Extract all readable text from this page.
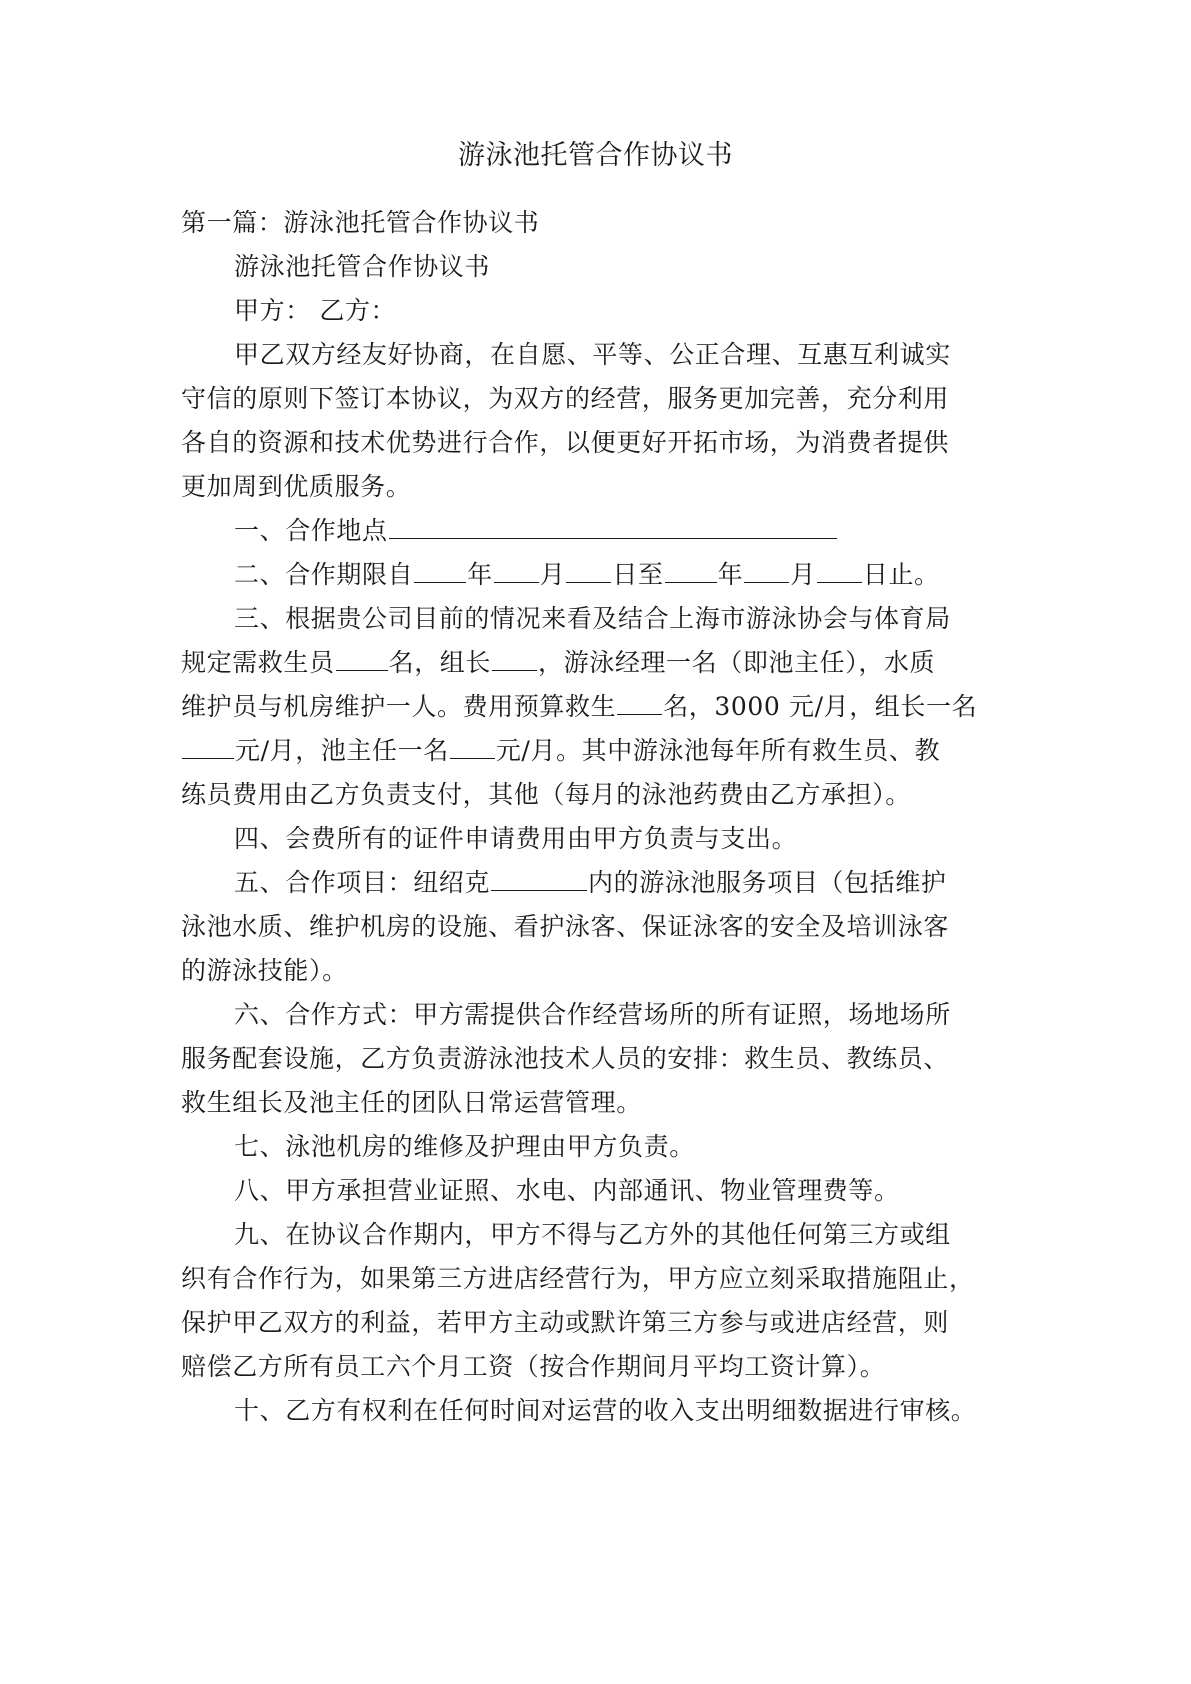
游泳池托管合作协议书
第一篇：游泳池托管合作协议书
游泳池托管合作协议书
甲方： 乙方：
甲乙双方经友好协商，在自愿、平等、公正合理、互惠互利诚实
守信的原则下签订本协议，为双方的经营，服务更加完善，充分利用
各自的资源和技术优势进行合作，以便更好开拓市场，为消费者提供
更加周到优质服务。
一、合作地点
二、合作期限自 年 月 日至 年 月 日止。
三、根据贵公司目前的情况来看及结合上海市游泳协会与体育局
规定需救生员 名，组长 ，游泳经理一名（即池主任），水质
维护员与机房维护一人。费用预算救生 名，3000 元/月，组长一名
元/月，池主任一名 元/月。其中游泳池每年所有救生员、教
练员费用由乙方负责支付，其他（每月的泳池药费由乙方承担）。
四、会费所有的证件申请费用由甲方负责与支出。
五、合作项目：纽绍克	内的游泳池服务项目（包括维护
泳池水质、维护机房的设施、看护泳客、保证泳客的安全及培训泳客
的游泳技能）。
六、合作方式：甲方需提供合作经营场所的所有证照，场地场所
服务配套设施，乙方负责游泳池技术人员的安排：救生员、教练员、
救生组长及池主任的团队日常运营管理。
七、泳池机房的维修及护理由甲方负责。
八、甲方承担营业证照、水电、内部通讯、物业管理费等。
九、在协议合作期内，甲方不得与乙方外的其他任何第三方或组
织有合作行为，如果第三方进店经营行为，甲方应立刻采取措施阻止，
保护甲乙双方的利益，若甲方主动或默许第三方参与或进店经营，则
赔偿乙方所有员工六个月工资（按合作期间月平均工资计算）。
十、乙方有权利在任何时间对运营的收入支出明细数据进行审核。
